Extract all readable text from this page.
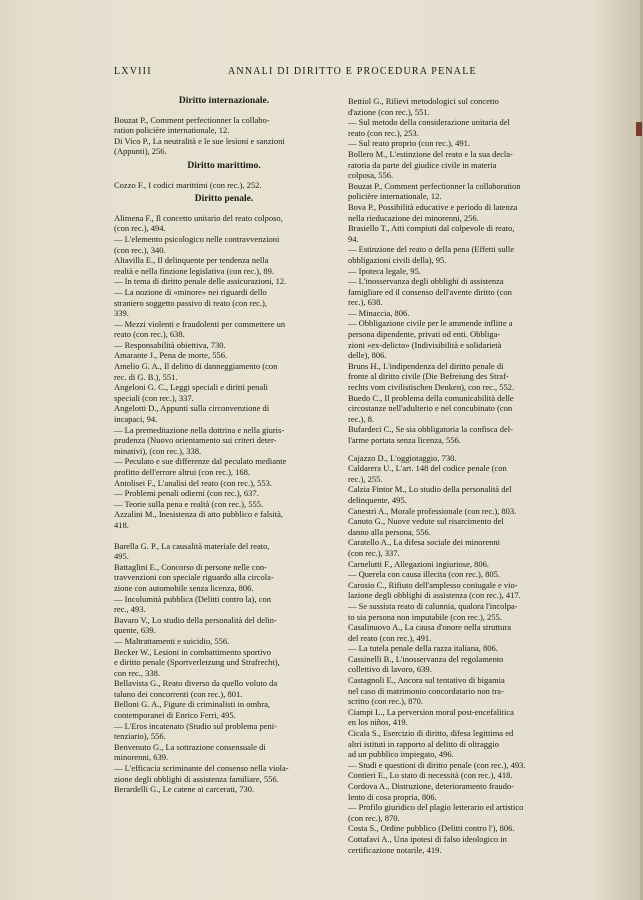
LXVIII	ANNALI DI DIRITTO E PROCEDURA PENALE
Diritto internazionale.
Bouzat P., Comment perfectionner la collabo-
ration policière internationale, 12.
Di Vico P., La neutralità e le sue lesioni e sanzioni
(Appunti), 256.
Diritto marittimo.
Cozzo F., I codici marittimi (con rec.), 252.
Diritto penale.
Alimena F., Il concetto unitario del reato colposo,
(con rec.), 494.
— L'elemento psicologico nelle contravvenzioni
(con rec.), 340.
Altavilla E., Il delinquente per tendenza nella
realtà e nella finzione legislativa (con rec.), 89.
— In tema di diritto penale delle assicurazioni, 12.
— La nozione di «minore» nei riguardi dello
straniero soggetto passivo di reato (con rec.),
339.
— Mezzi violenti e fraudolenti per commettere un
reato (con rec.), 638.
— Responsabilità obiettiva, 730.
Amarante J., Pena de morte, 556.
Amelio G. A., Il delitto di danneggiamento (con
rec. di G. B.), 551.
Angeloni G. C., Leggi speciali e diritti penali
speciali (con rec.), 337.
Angelotti D., Appunti sulla circonvenzione di
incapaci, 94.
— La premeditazione nella dottrina e nella giuris-
prudenza (Nuovo orientamento sui criteri deter-
minativi), (con rec.), 338.
— Peculato e sue differenze dal peculato mediante
profitto dell'errore altrui (con rec.), 168.
Antolisei F., L'analisi del reato (con rec.), 553.
— Problemi penali odierni (con rec.), 637.
— Teorie sulla pena e realtà (con rec.), 555.
Azzalini M., Inesistenza di atto pubblico e falsità,
418.
Barella G. P., La causalità materiale del reato,
495.
Battaglini E., Concorso di persone nelle con-
travvenzioni con speciale riguardo alla circola-
zione con automobile senza licenza, 806.
— Incolumità pubblica (Delitti contro la), con
rec., 493.
Bavaro V., Lo studio della personalità del delin-
quente, 639.
— Maltrattamenti e suicidio, 556.
Becker W., Lesioni in combattimento sportivo
e diritto penale (Sportverletzung und Strafrecht),
con rec., 338.
Bellavista G., Reato diverso da quello voluto da
taluno dei concorrenti (con rec.), 801.
Belloni G. A., Figure di criminalisti in ombra,
contemporanei di Enrico Ferri, 495.
— L'Eros incatenato (Studio sul problema peni-
tenziario), 556.
Benvenuto G., La sottrazione consensuale di
minorenni, 639.
— L'efficacia scriminante del consenso nella viola-
zione degli obblighi di assistenza familiare, 556.
Berardelli G., Le catene ai carcerati, 730.
Bettiol G., Rilievi metodologici sul concetto
d'azione (con rec.), 551.
— Sul metodo della considerazione unitaria del
reato (con rec.), 253.
— Sul reato proprio (con rec.), 491.
Bollero M., L'estinzione del reato e la sua decla-
ratoria da parte del giudice civile in materia
colposa, 556.
Bouzat P., Comment perfectionner la collaboration
policière internationale, 12.
Bova P., Possibilità educative e periodo di latenza
nella rieducazione dei minorenni, 256.
Brasiello T., Atti compiuti dal colpevole di reato,
94.
— Estinzione del reato o della pena (Effetti sulle
obbligazioni civili della), 95.
— Ipoteca legale, 95.
— L'inosservanza degli obblighi di assistenza
famigliare ed il consenso dell'avente diritto (con
rec.), 638.
— Minaccia, 806.
— Obbligazione civile per le ammende inflitte a
persona dipendente, privati od enti. Obbliga-
zioni «ex-delicto» (Indivisibilità e solidarietà
delle), 806.
Bruns H., L'indipendenza del diritto penale di
fronte al diritto civile (Die Befreiung des Straf-
rechts vom civilistischen Denken), con rec., 552.
Buedo C., Il problema della comunicabilità delle
circostanze nell'adulterio e nel concubinato (con
rec.), 8.
Bufardeci C., Se sia obbligatoria la confisca del-
l'arme portata senza licenza, 556.
Cajazzo D., L'oggiotaggio, 730.
Caldarera U., L'art. 148 del codice penale (con
rec.), 255.
Calzia Fintor M., Lo studio della personalità del
delinquente, 495.
Canestri A., Morale professionale (con rec.), 803.
Canuto G., Nuove vedute sul risarcimento del
danno alla persona, 556.
Caratello A., La difesa sociale dei minorenni
(con rec.), 337.
Carnelutti F., Allegazioni ingiuriose, 806.
— Querela con causa illecita (con rec.), 805.
Carosio C., Rifiuto dell'amplesso coniugale e vio-
lazione degli obblighi di assistenza (con rec.), 417.
— Se sussista reato di calunnia, qualora l'incolpa-
to sia persona non imputabile (con rec.), 255.
Casalinuovo A., La causa d'onore nella struttura
del reato (con rec.), 491.
— La tutela penale della razza italiana, 806.
Cassinelli B., L'inosservanza del regolamento
collettivo di lavoro, 639.
Castagnoli E., Ancora sul tentativo di bigamia
nel caso di matrimonio concordatario non tra-
scritto (con rec.), 870.
Ciampi L., La perversion moral post-encefalitica
en los niños, 419.
Cicala S., Esercizio di diritto, difesa legittima ed
altri istituti in rapporto al delitto di oltraggio
ad un pubblico impiegato, 496.
— Studi e questioni di diritto penale (con rec.), 493.
Contieri E., Lo stato di necessità (con rec.), 418.
Cordova A., Distruzione, deterioramento fraudo-
lento di cosa propria, 806.
— Profilo giuridico del plagio letterario ed artistico
(con rec.), 870.
Costa S., Ordine pubblico (Delitti contro l'), 806.
Cottafavi A., Una ipotesi di falso ideologico in
certificazione notarile, 419.
